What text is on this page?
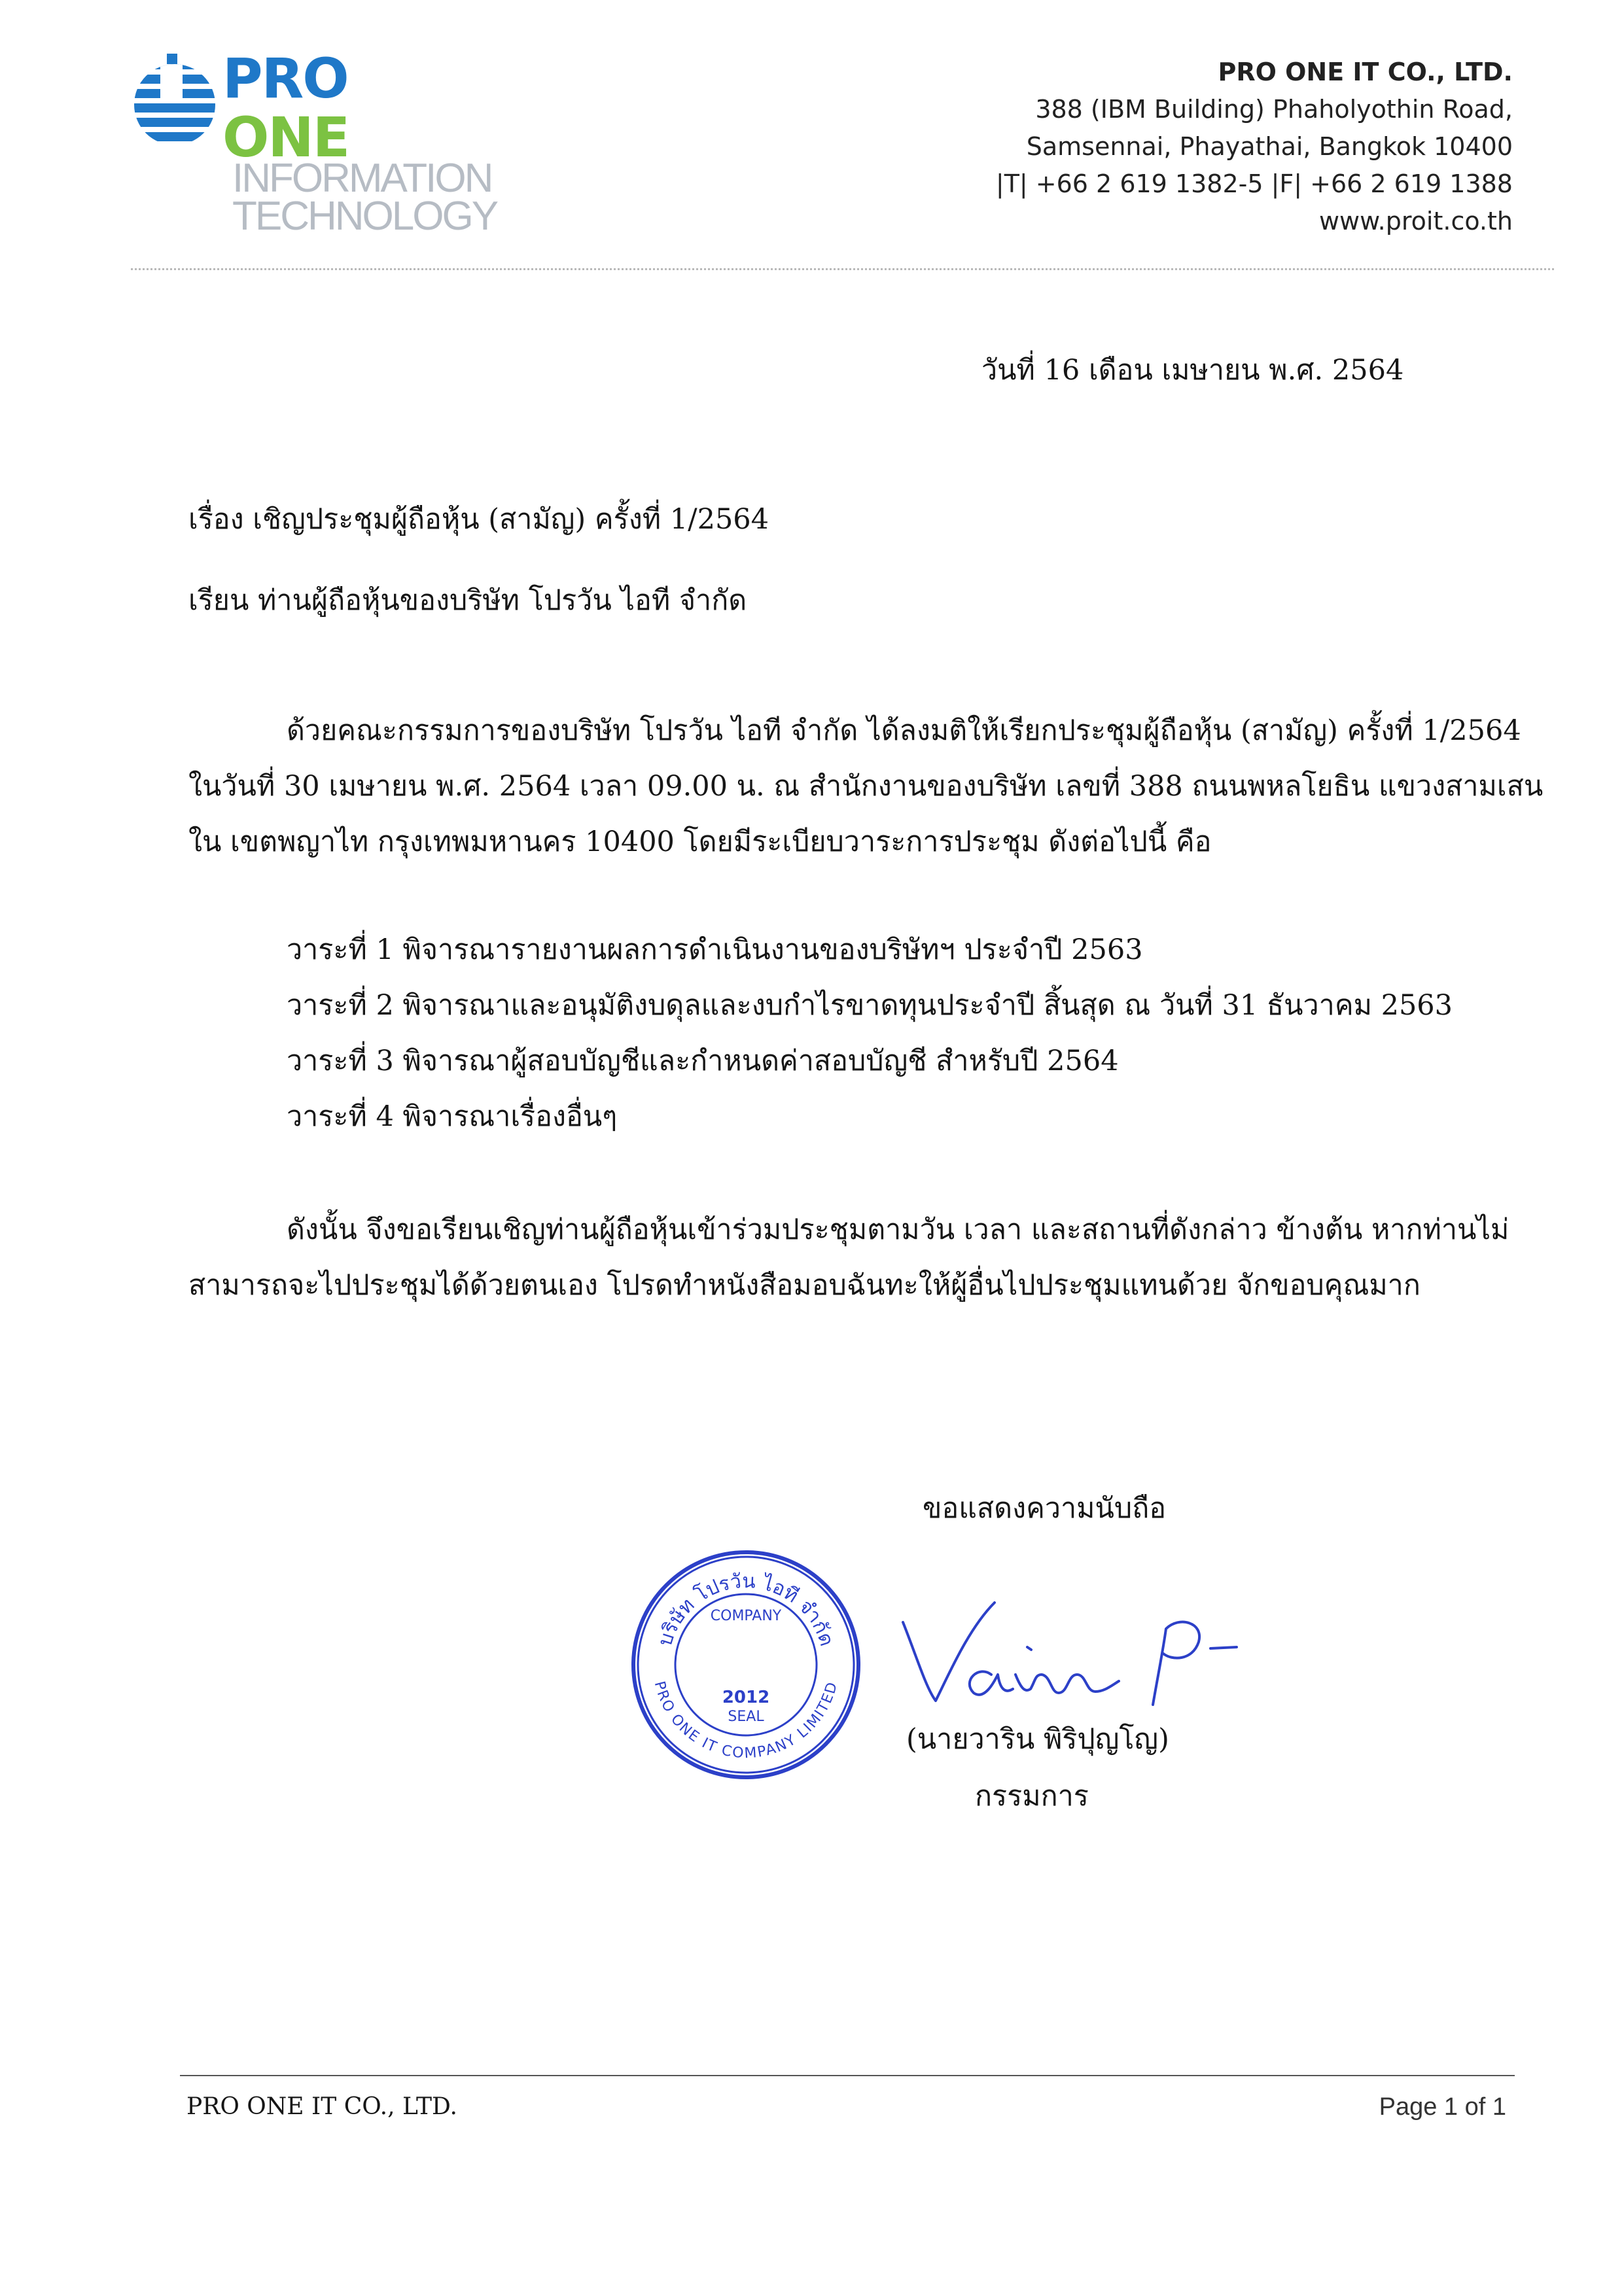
PRO
ONE
INFORMATION
TECHNOLOGY
PRO ONE IT CO., LTD.
388 (IBM Building) Phaholyothin Road,
Samsennai, Phayathai, Bangkok 10400
|T| +66 2 619 1382-5 |F| +66 2 619 1388
www.proit.co.th
วันที่ 16 เดือน เมษายน พ.ศ. 2564
เรื่อง เชิญประชุมผู้ถือหุ้น (สามัญ) ครั้งที่ 1/2564
เรียน ท่านผู้ถือหุ้นของบริษัท โปรวัน ไอที จำกัด
ด้วยคณะกรรมการของบริษัท โปรวัน ไอที จำกัด ได้ลงมติให้เรียกประชุมผู้ถือหุ้น (สามัญ) ครั้งที่ 1/2564
ในวันที่ 30 เมษายน พ.ศ. 2564 เวลา 09.00 น. ณ สำนักงานของบริษัท เลขที่ 388 ถนนพหลโยธิน แขวงสามเสน
ใน เขตพญาไท กรุงเทพมหานคร 10400 โดยมีระเบียบวาระการประชุม ดังต่อไปนี้ คือ
วาระที่ 1 พิจารณารายงานผลการดำเนินงานของบริษัทฯ ประจำปี 2563
วาระที่ 2 พิจารณาและอนุมัติงบดุลและงบกำไรขาดทุนประจำปี สิ้นสุด ณ วันที่ 31 ธันวาคม 2563
วาระที่ 3 พิจารณาผู้สอบบัญชีและกำหนดค่าสอบบัญชี สำหรับปี 2564
วาระที่ 4 พิจารณาเรื่องอื่นๆ
ดังนั้น จึงขอเรียนเชิญท่านผู้ถือหุ้นเข้าร่วมประชุมตามวัน เวลา และสถานที่ดังกล่าว ข้างต้น หากท่านไม่
สามารถจะไปประชุมได้ด้วยตนเอง โปรดทำหนังสือมอบฉันทะให้ผู้อื่นไปประชุมแทนด้วย จักขอบคุณมาก
ขอแสดงความนับถือ
บริษัท โปรวัน ไอที จำกัด
COMPANY
2012
SEAL
PRO ONE IT COMPANY LIMITED
(นายวาริน พิริปุญโญ)
กรรมการ
PRO ONE IT CO., LTD.	Page 1 of 1
